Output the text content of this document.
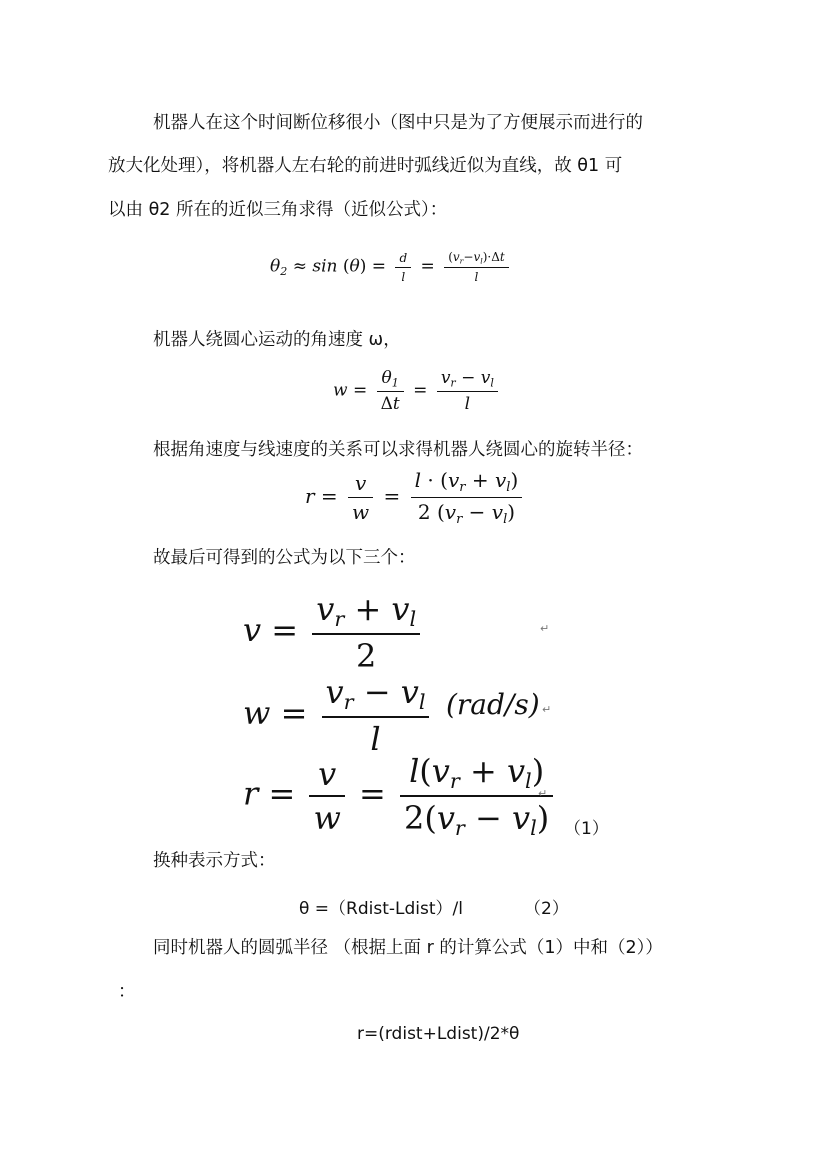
机器人在这个时间断位移很小（图中只是为了方便展示而进行的
放大化处理），将机器人左右轮的前进时弧线近似为直线，故 θ1 可
以由 θ2 所在的近似三角求得（近似公式）：
$\theta_2 \approx \sin (\theta) = \frac{d}{l} = \frac{(v_r-v_l)\cdot\Delta t}{l}$
机器人绕圆心运动的角速度 ω，
$w = \frac{\theta_1}{\Delta t} = \frac{v_r - v_l}{l}$
根据角速度与线速度的关系可以求得机器人绕圆心的旋转半径：
$r = \frac{v}{w} = \frac{l \cdot (v_r + v_l)}{2 (v_r - v_l)}$
故最后可得到的公式为以下三个：
$v = \frac{v_r + v_l}{2}$	↵
$w = \frac{v_r - v_l}{l} (rad/s)$ ↵
$r = \frac{v}{w} = \frac{l(v_r + v_l)}{2(v_r - v_l)}$
↵
（1）
换种表示方式：
θ =（Rdist-Ldist）/l	（2）
同时机器人的圆弧半径 （根据上面 r 的计算公式（1）中和（2））
：
r=(rdist+Ldist)/2*θ
